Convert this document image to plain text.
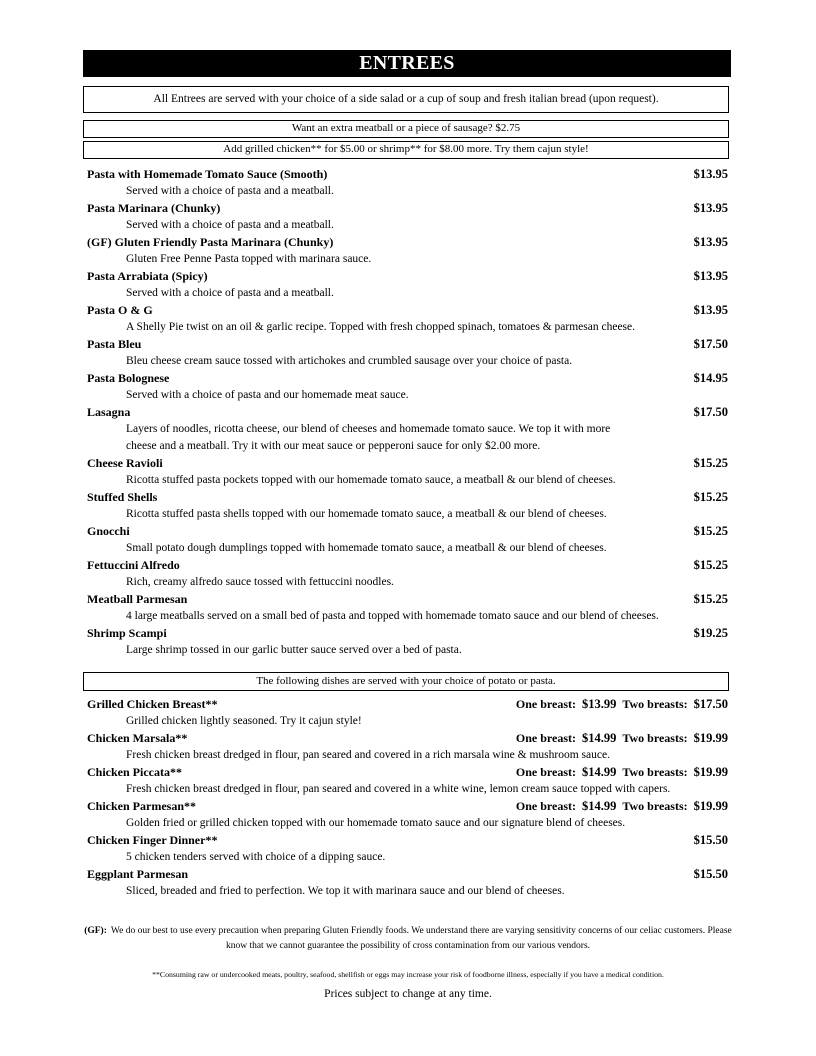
ENTREES
All Entrees are served with your choice of a side salad or a cup of soup and fresh italian bread (upon request).
Want an extra meatball or a piece of sausage? $2.75
Add grilled chicken** for $5.00 or shrimp** for $8.00 more. Try them cajun style!
Pasta with Homemade Tomato Sauce (Smooth)	$13.95
Served with a choice of pasta and a meatball.
Pasta Marinara (Chunky)	$13.95
Served with a choice of pasta and a meatball.
(GF) Gluten Friendly Pasta Marinara (Chunky)	$13.95
Gluten Free Penne Pasta topped with marinara sauce.
Pasta Arrabiata (Spicy)	$13.95
Served with a choice of pasta and a meatball.
Pasta O & G	$13.95
A Shelly Pie twist on an oil & garlic recipe. Topped with fresh chopped spinach, tomatoes & parmesan cheese.
Pasta Bleu	$17.50
Bleu cheese cream sauce tossed with artichokes and crumbled sausage over your choice of pasta.
Pasta Bolognese	$14.95
Served with a choice of pasta and our homemade meat sauce.
Lasagna	$17.50
Layers of noodles, ricotta cheese, our blend of cheeses and homemade tomato sauce. We top it with more
cheese and a meatball. Try it with our meat sauce or pepperoni sauce for only $2.00 more.
Cheese Ravioli	$15.25
Ricotta stuffed pasta pockets topped with our homemade tomato sauce, a meatball & our blend of cheeses.
Stuffed Shells	$15.25
Ricotta stuffed pasta shells topped with our homemade tomato sauce, a meatball & our blend of cheeses.
Gnocchi	$15.25
Small potato dough dumplings topped with homemade tomato sauce, a meatball & our blend of cheeses.
Fettuccini Alfredo	$15.25
Rich, creamy alfredo sauce tossed with fettuccini noodles.
Meatball Parmesan	$15.25
4 large meatballs served on a small bed of pasta and topped with homemade tomato sauce and our blend of cheeses.
Shrimp Scampi	$19.25
Large shrimp tossed in our garlic butter sauce served over a bed of pasta.
The following dishes are served with your choice of potato or pasta.
Grilled Chicken Breast**	One breast: $13.99 Two breasts: $17.50
Grilled chicken lightly seasoned. Try it cajun style!
Chicken Marsala**	One breast: $14.99 Two breasts: $19.99
Fresh chicken breast dredged in flour, pan seared and covered in a rich marsala wine & mushroom sauce.
Chicken Piccata**	One breast: $14.99 Two breasts: $19.99
Fresh chicken breast dredged in flour, pan seared and covered in a white wine, lemon cream sauce topped with capers.
Chicken Parmesan**	One breast: $14.99 Two breasts: $19.99
Golden fried or grilled chicken topped with our homemade tomato sauce and our signature blend of cheeses.
Chicken Finger Dinner**	$15.50
5 chicken tenders served with choice of a dipping sauce.
Eggplant Parmesan	$15.50
Sliced, breaded and fried to perfection. We top it with marinara sauce and our blend of cheeses.
(GF): We do our best to use every precaution when preparing Gluten Friendly foods. We understand there are varying sensitivity concerns of our celiac customers. Please know that we cannot guarantee the possibility of cross contamination from our various vendors.
**Consuming raw or undercooked meats, poultry, seafood, shellfish or eggs may increase your risk of foodborne illness, especially if you have a medical condition.
Prices subject to change at any time.
